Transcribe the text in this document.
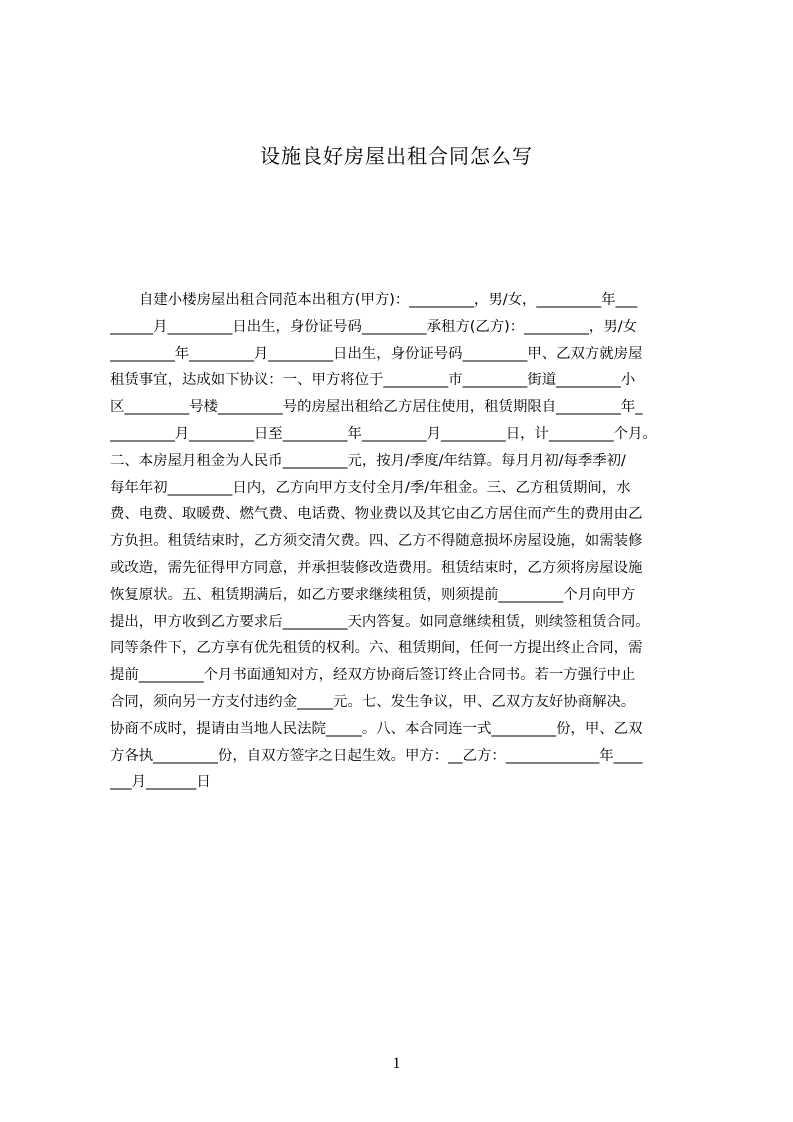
设施良好房屋出租合同怎么写
自建小楼房屋出租合同范本出租方(甲方)：_________，男/女，_________年___
______月_________日出生，身份证号码_________承租方(乙方)：_________，男/女
_________年_________月_________日出生，身份证号码_________甲、乙双方就房屋
租赁事宜，达成如下协议：一、甲方将位于_________市_________街道_________小
区_________号楼_________号的房屋出租给乙方居住使用，租赁期限自_________年_
_________月_________日至_________年_________月_________日，计_________个月。
二、本房屋月租金为人民币_________元，按月/季度/年结算。每月月初/每季季初/
每年年初_________日内，乙方向甲方支付全月/季/年租金。三、乙方租赁期间，水
费、电费、取暖费、燃气费、电话费、物业费以及其它由乙方居住而产生的费用由乙
方负担。租赁结束时，乙方须交清欠费。四、乙方不得随意损坏房屋设施，如需装修
或改造，需先征得甲方同意，并承担装修改造费用。租赁结束时，乙方须将房屋设施
恢复原状。五、租赁期满后，如乙方要求继续租赁，则须提前_________个月向甲方
提出，甲方收到乙方要求后_________天内答复。如同意继续租赁，则续签租赁合同。
同等条件下，乙方享有优先租赁的权利。六、租赁期间，任何一方提出终止合同，需
提前_________个月书面通知对方，经双方协商后签订终止合同书。若一方强行中止
合同，须向另一方支付违约金_____元。七、发生争议，甲、乙双方友好协商解决。
协商不成时，提请由当地人民法院_____。八、本合同连一式_________份，甲、乙双
方各执_________份，自双方签字之日起生效。甲方：__乙方：_____________年____
___月_______日
1
